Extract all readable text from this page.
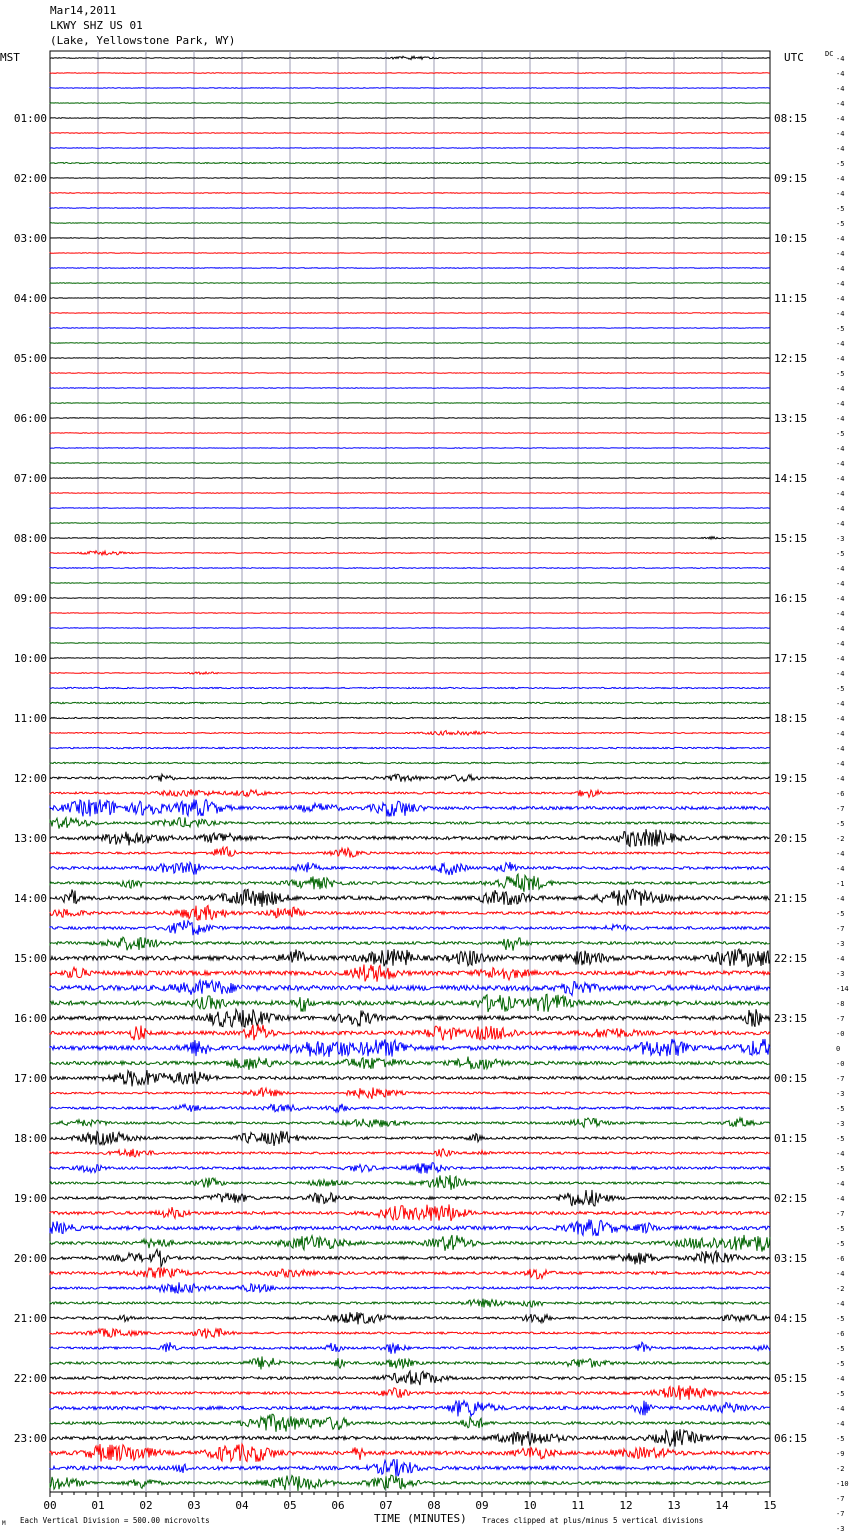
Mar14,2011
LKWY SHZ US 01
(Lake, Yellowstone Park, WY)
00	01	02	03	04	05	06	07	08	09	10	11	12	13	14	15
MST	UTC
01:00
02:00
03:00
04:00
05:00
06:00
07:00
08:00
09:00
10:00
11:00
12:00
13:00
14:00
15:00
16:00
17:00
18:00
19:00
20:00
21:00
22:00
23:00
08:15
09:15
10:15
11:15
12:15
13:15
14:15
15:15
16:15
17:15
18:15
19:15
20:15
21:15
22:15
23:15
00:15
01:15
02:15
03:15
04:15
05:15
06:15
DC
-4
-4
-4
-4
-4
-4
-4
-5
-4
-4
-5
-5
-4
-4
-4
-4
-4
-4
-5
-4
-4
-5
-4
-4
-4
-5
-4
-4
-4
-4
-4
-4
-3
-5
-4
-4
-4
-4
-4
-4
-4
-4
-5
-4
-4
-4
-4
-4
-4
-6
-7
-5
-2
-4
-4
-1
-4
-5
-7
-3
-4
-3
-14
-8
-7
-0
0
-0
-7
-3
-5
-3
-5
-4
-5
-4
-4
-7
-5
-5
-6
-4
-2
-4
-5
-6
-5
-5
-4
-5
-4
-4
-5
-9
-2
-10
-7
-7
-3
M Each Vertical Division = 500.00 microvolts	TIME (MINUTES) Traces clipped at plus/minus 5 vertical divisions
